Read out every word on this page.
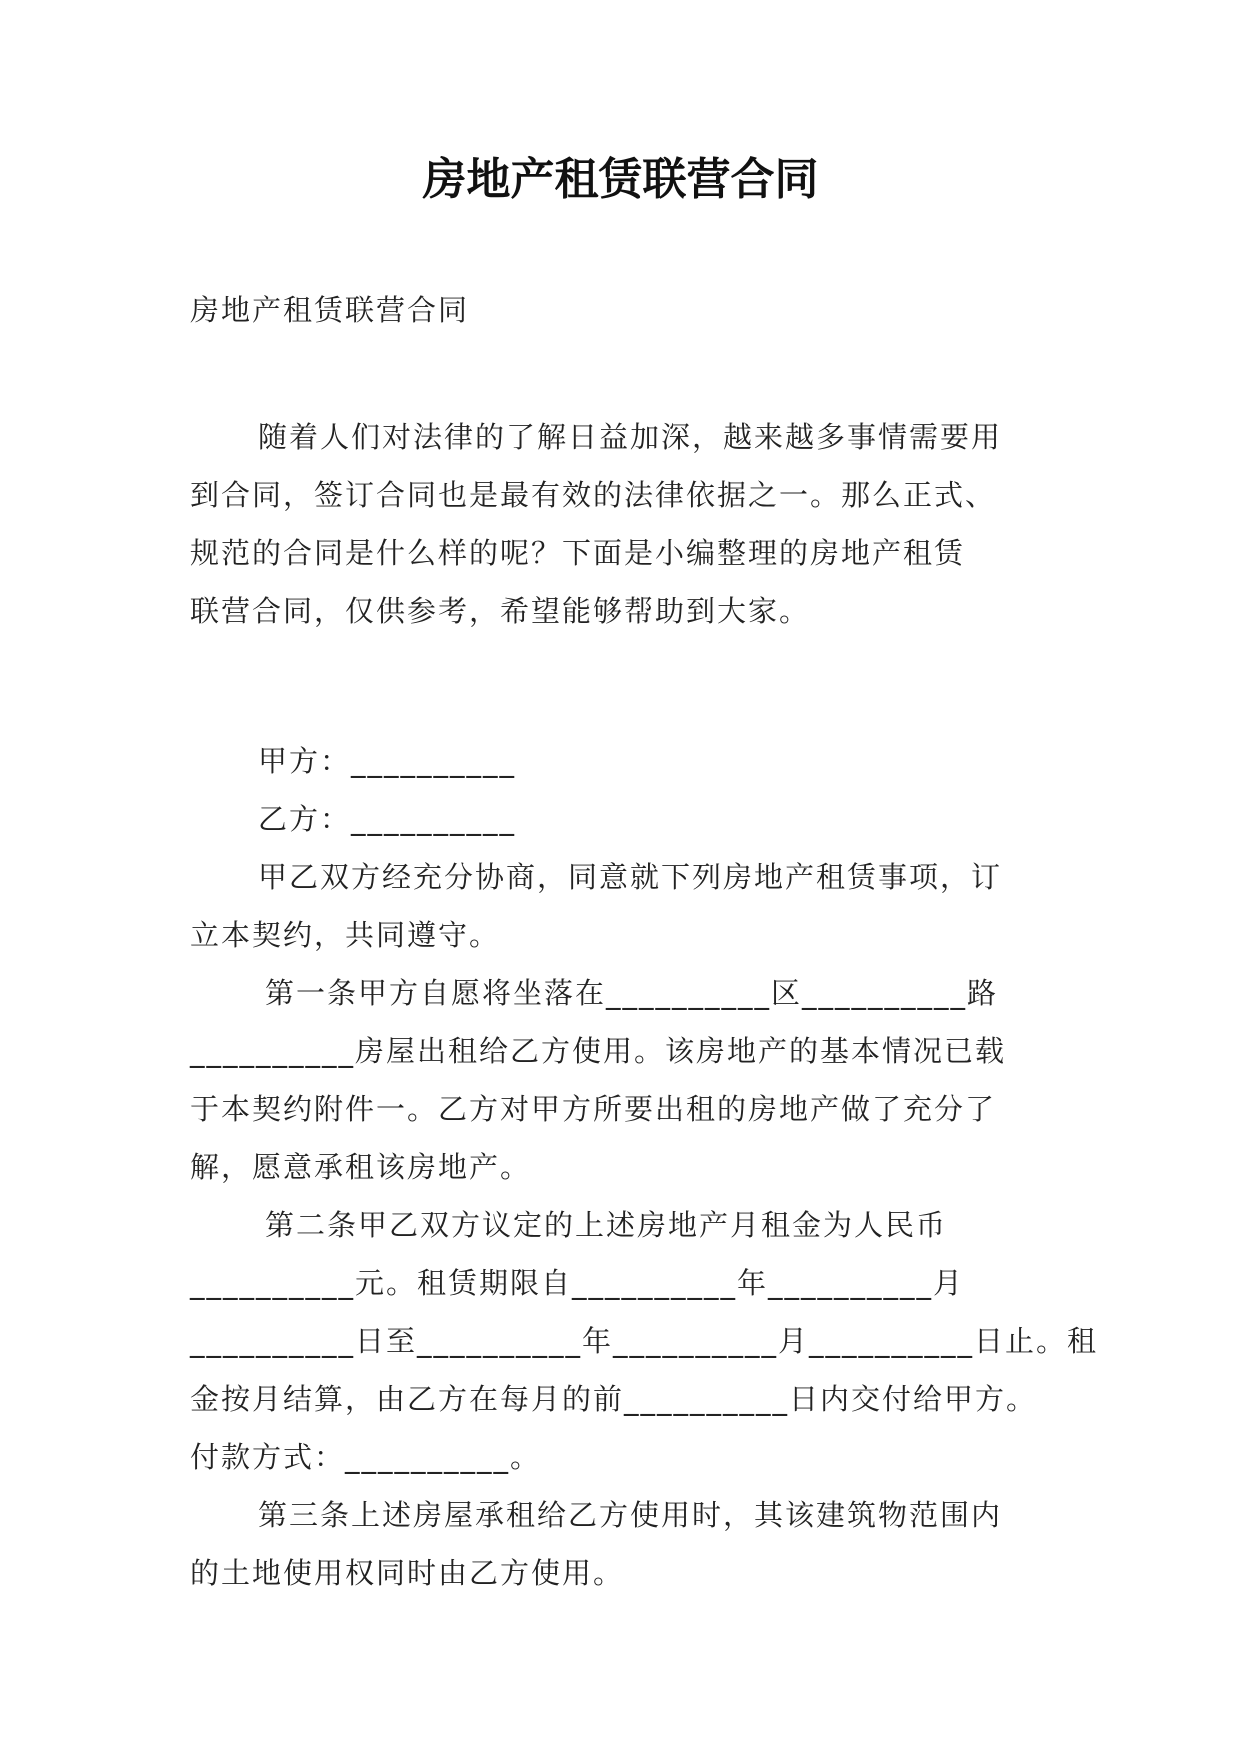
房地产租赁联营合同
房地产租赁联营合同
随着人们对法律的了解日益加深，越来越多事情需要用
到合同，签订合同也是最有效的法律依据之一。那么正式、
规范的合同是什么样的呢？下面是小编整理的房地产租赁
联营合同，仅供参考，希望能够帮助到大家。
甲方：__________
乙方：__________
甲乙双方经充分协商，同意就下列房地产租赁事项，订
立本契约，共同遵守。
第一条甲方自愿将坐落在__________区__________路
__________房屋出租给乙方使用。该房地产的基本情况已载
于本契约附件一。乙方对甲方所要出租的房地产做了充分了
解，愿意承租该房地产。
第二条甲乙双方议定的上述房地产月租金为人民币
__________元。租赁期限自__________年__________月
__________日至__________年__________月__________日止。租
金按月结算，由乙方在每月的前__________日内交付给甲方。
付款方式：__________。
第三条上述房屋承租给乙方使用时，其该建筑物范围内
的土地使用权同时由乙方使用。
